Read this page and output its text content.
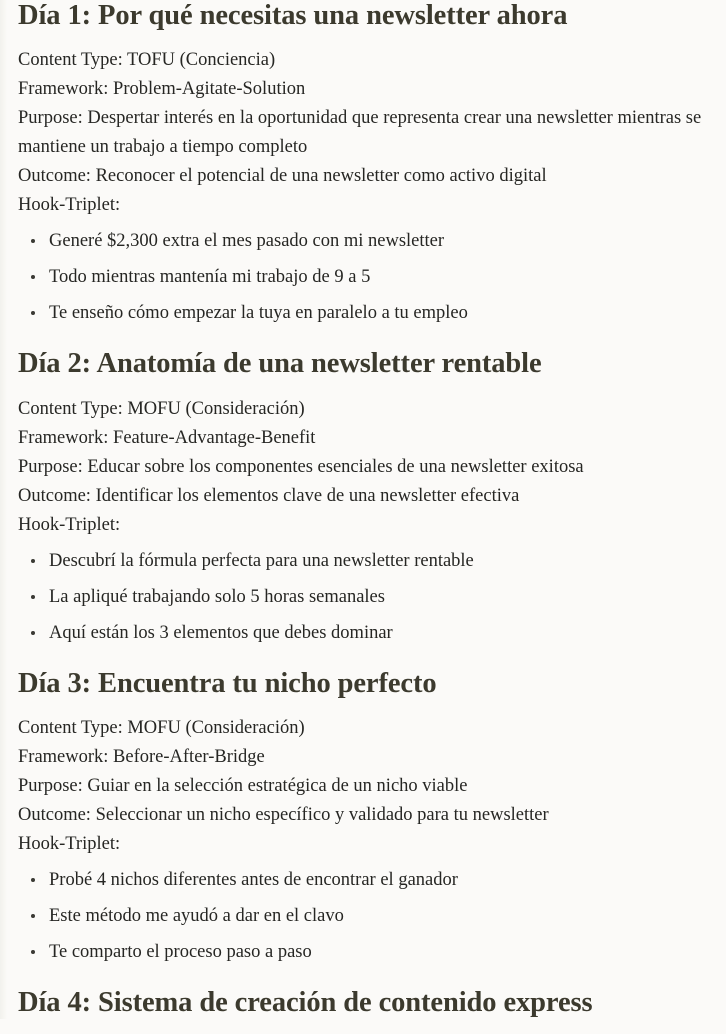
Día 1: Por qué necesitas una newsletter ahora

Content Type: TOFU (Conciencia)

Framework: Problem-Agitate-Solution

Purpose: Despertar interés en la oportunidad que representa crear una newsletter mientras se mantiene un trabajo a tiempo completo

Outcome: Reconocer el potencial de una newsletter como activo digital

Hook-Triplet:

Generé $2,300 extra el mes pasado con mi newsletter
Todo mientras mantenía mi trabajo de 9 a 5
Te enseño cómo empezar la tuya en paralelo a tu empleo
Día 2: Anatomía de una newsletter rentable

Content Type: MOFU (Consideración)

Framework: Feature-Advantage-Benefit

Purpose: Educar sobre los componentes esenciales de una newsletter exitosa

Outcome: Identificar los elementos clave de una newsletter efectiva

Hook-Triplet:

Descubrí la fórmula perfecta para una newsletter rentable
La apliqué trabajando solo 5 horas semanales
Aquí están los 3 elementos que debes dominar
Día 3: Encuentra tu nicho perfecto

Content Type: MOFU (Consideración)

Framework: Before-After-Bridge

Purpose: Guiar en la selección estratégica de un nicho viable

Outcome: Seleccionar un nicho específico y validado para tu newsletter

Hook-Triplet:

Probé 4 nichos diferentes antes de encontrar el ganador
Este método me ayudó a dar en el clavo
Te comparto el proceso paso a paso
Día 4: Sistema de creación de contenido express
